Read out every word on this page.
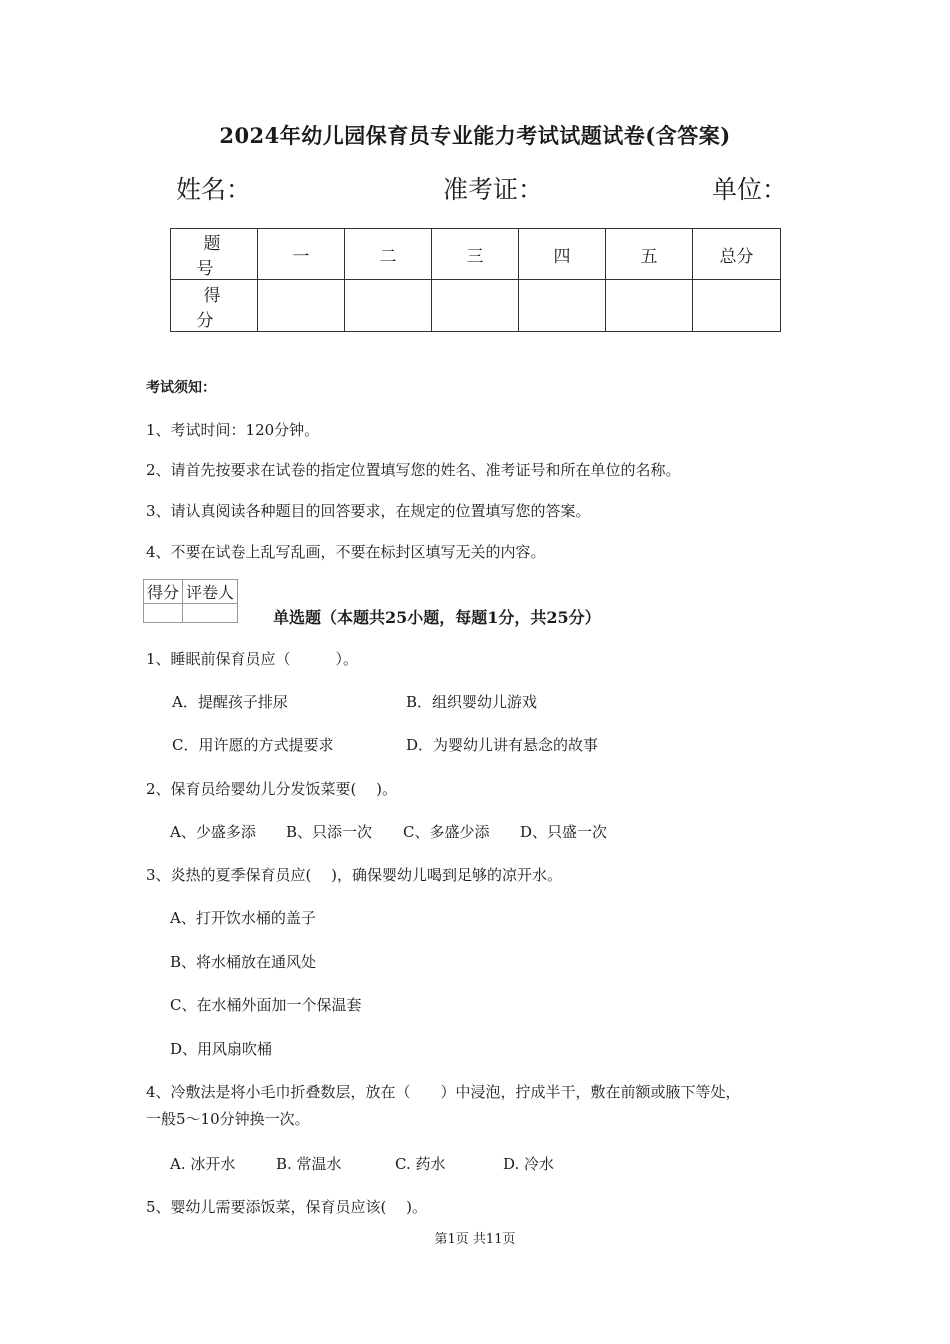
2024年幼儿园保育员专业能力考试试题试卷(含答案)
姓名：	准考证：	单位：
题 号	一	二	三	四	五	总分
得 分						
考试须知：
1、考试时间：120分钟。
2、请首先按要求在试卷的指定位置填写您的姓名、准考证号和所在单位的名称。
3、请认真阅读各种题目的回答要求，在规定的位置填写您的答案。
4、不要在试卷上乱写乱画，不要在标封区填写无关的内容。
得分	评卷人

单选题（本题共25小题，每题1分，共25分）
1、睡眠前保育员应（　　　）。
A．提醒孩子排尿	B．组织婴幼儿游戏
C．用许愿的方式提要求	D．为婴幼儿讲有悬念的故事
2、保育员给婴幼儿分发饭菜要(　 )。
A、少盛多添 B、只添一次 C、多盛少添 D、只盛一次
3、炎热的夏季保育员应(　 )，确保婴幼儿喝到足够的凉开水。
A、打开饮水桶的盖子
B、将水桶放在通风处
C、在水桶外面加一个保温套
D、用风扇吹桶
4、冷敷法是将小毛巾折叠数层，放在（　　）中浸泡，拧成半干，敷在前额或腋下等处，
一般5～10分钟换一次。
A. 冰开水	B. 常温水	C. 药水	D. 冷水
5、婴幼儿需要添饭菜，保育员应该(　 )。
第1页 共11页
